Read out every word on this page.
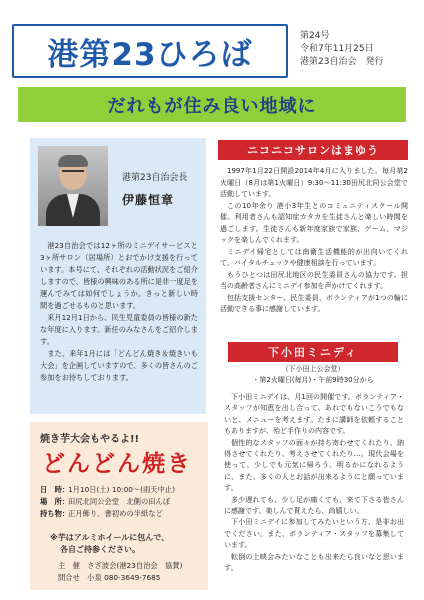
港第23ひろば
第24号
令和7年11月25日
港第23自治会　発行
だれもが住み良い地域に
港第23自治会長
伊藤恒章

港23自治会では12ヶ所のミニデイサービスと3ヶ所サロン（居場所）とおでかけ支援を行っています。本号にて、それぞれの活動状況をご紹介しますので、皆様の興味のある所に是非一度足を運んでみては如何でしょうか。きっと新しい時間を過ごせるものと思います。

来月12月1日から、民生児童委員の皆様の新たな年度に入ります。新任のみなさんをご紹介します。

また、来年1月には「どんどん焼き＆焼きいも大会」を企画していますので、多くの皆さんのご参加をお待ちしております。

焼き芋大会もやるよ!!
どんどん焼き
日　時：
1月10日(土) 10:00〜(雨天中止)
場　所：
田尻北同公会堂　北側の田んぼ
持ち物：
正月飾り、書初めの半紙など
※芋はアルミホイールに包んで、
各自ご持参ください。
主　催　さざ波会(港23自治会　協賛)
問合せ　小泉 080-3649-7685
ニコニコサロンはまゆう

1997年1月22日開設2014年4月に入りました。毎月第2火曜日（8月は第1火曜日）9:30〜11:30田尻北同公会堂で活動しています。

この10年余り 港小3年生とのコミュニティスクール開催。利用者さんも認知症カタカを生徒さんと楽しい時間を過ごします。生徒さんも新年度家族で家族、ゲーム、マジックを楽しんでくれます。

ミニデイ帰宅としては南衛生活機能的が出向いてくれて、バイタルチェックや健康相談を行っています。

もうひとつは田尻北地区の民生委員さんの協力です。担当の高齢者さんにミニデイ参加を声かけてくれます。

包括支援センター、民生委員、ボランティアが1つの輪に活動できる事に感謝しています。

下小田ミニディ
（下小田上公会堂）
・第2火曜日(毎月)・午前9時30分から

下小田ミニデイは、月1回の開催です。ボランティア・スタッフが知恵を出し合って、あれでもないこうでもないと、メニューを考えます。たまに講師を依頼することもありますが、殆ど手作りの内容です。

個性的なスタッフの面々が持ち寄わせてくれたり、納得させてくれたり、考えさせてくれたり…。現代会場を使って、少しでも元気に帰ろう、明るかになれるように、また、多くの人とお話が出来るようにと願っています。

多少遅れても、少し足が痛くても、来て下さる皆さんに感謝です。楽しんで貰えたら、尚嬉しい。

下小田ミニデイに参加してみたいという方、是非お出でください。また、ボランティア・スタッフを募集しています。

転倒の上映会みたいなことも出来たら良いなと思います。
